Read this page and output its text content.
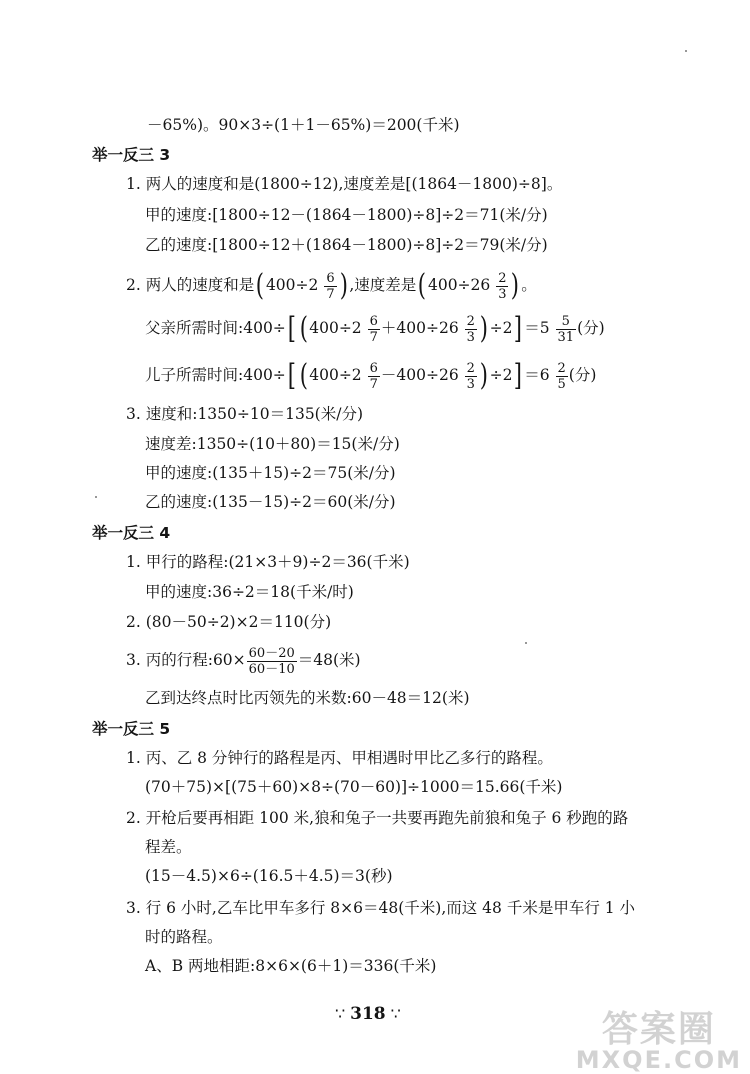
－65%)。90×3÷(1＋1－65%)＝200(千米)
举一反三 3
1. 两人的速度和是(1800÷12),速度差是[(1864－1800)÷8]。
甲的速度:[1800÷12－(1864－1800)÷8]÷2＝71(米/分)
乙的速度:[1800÷12＋(1864－1800)÷8]÷2＝79(米/分)
2. 两人的速度和是( $400\div 2 \frac{6}{7}$ ) ,速度差是( $400\div 26 \frac{2}{3}$ ) 。
父亲所需时间:400÷[ ( $400\div 2 \frac{6}{7} +400\div 26 \frac{2}{3}$ ) $\div 2] =5 \frac{5}{31}$ (分)
儿子所需时间:400÷[ ( $400\div 2 \frac{6}{7} -400\div 26 \frac{2}{3}$ ) $\div 2] =6 \frac{2}{5}$ (分)
3. 速度和:1350÷10＝135(米/分)
速度差:1350÷(10＋80)＝15(米/分)
甲的速度:(135＋15)÷2＝75(米/分)
乙的速度:(135－15)÷2＝60(米/分)
举一反三 4
1. 甲行的路程:(21×3＋9)÷2＝36(千米)
甲的速度:36÷2＝18(千米/时)
2. (80－50÷2)×2＝110(分)
3. 丙的行程:60× $\frac{60-20}{60-10} =48$(米)
乙到达终点时比丙领先的米数:60－48＝12(米)
举一反三 5
1. 丙、乙 8 分钟行的路程是丙、甲相遇时甲比乙多行的路程。
(70＋75)×[(75＋60)×8÷(70－60)]÷1000＝15.66(千米)
2. 开枪后要再相距 100 米,狼和兔子一共要再跑先前狼和兔子 6 秒跑的路
程差。
(15－4.5)×6÷(16.5＋4.5)＝3(秒)
3. 行 6 小时,乙车比甲车多行 8×6＝48(千米),而这 48 千米是甲车行 1 小
时的路程。
A、B 两地相距:8×6×(6＋1)＝336(千米)
∵ 318 ∵	答案圈
MXQE.COM
